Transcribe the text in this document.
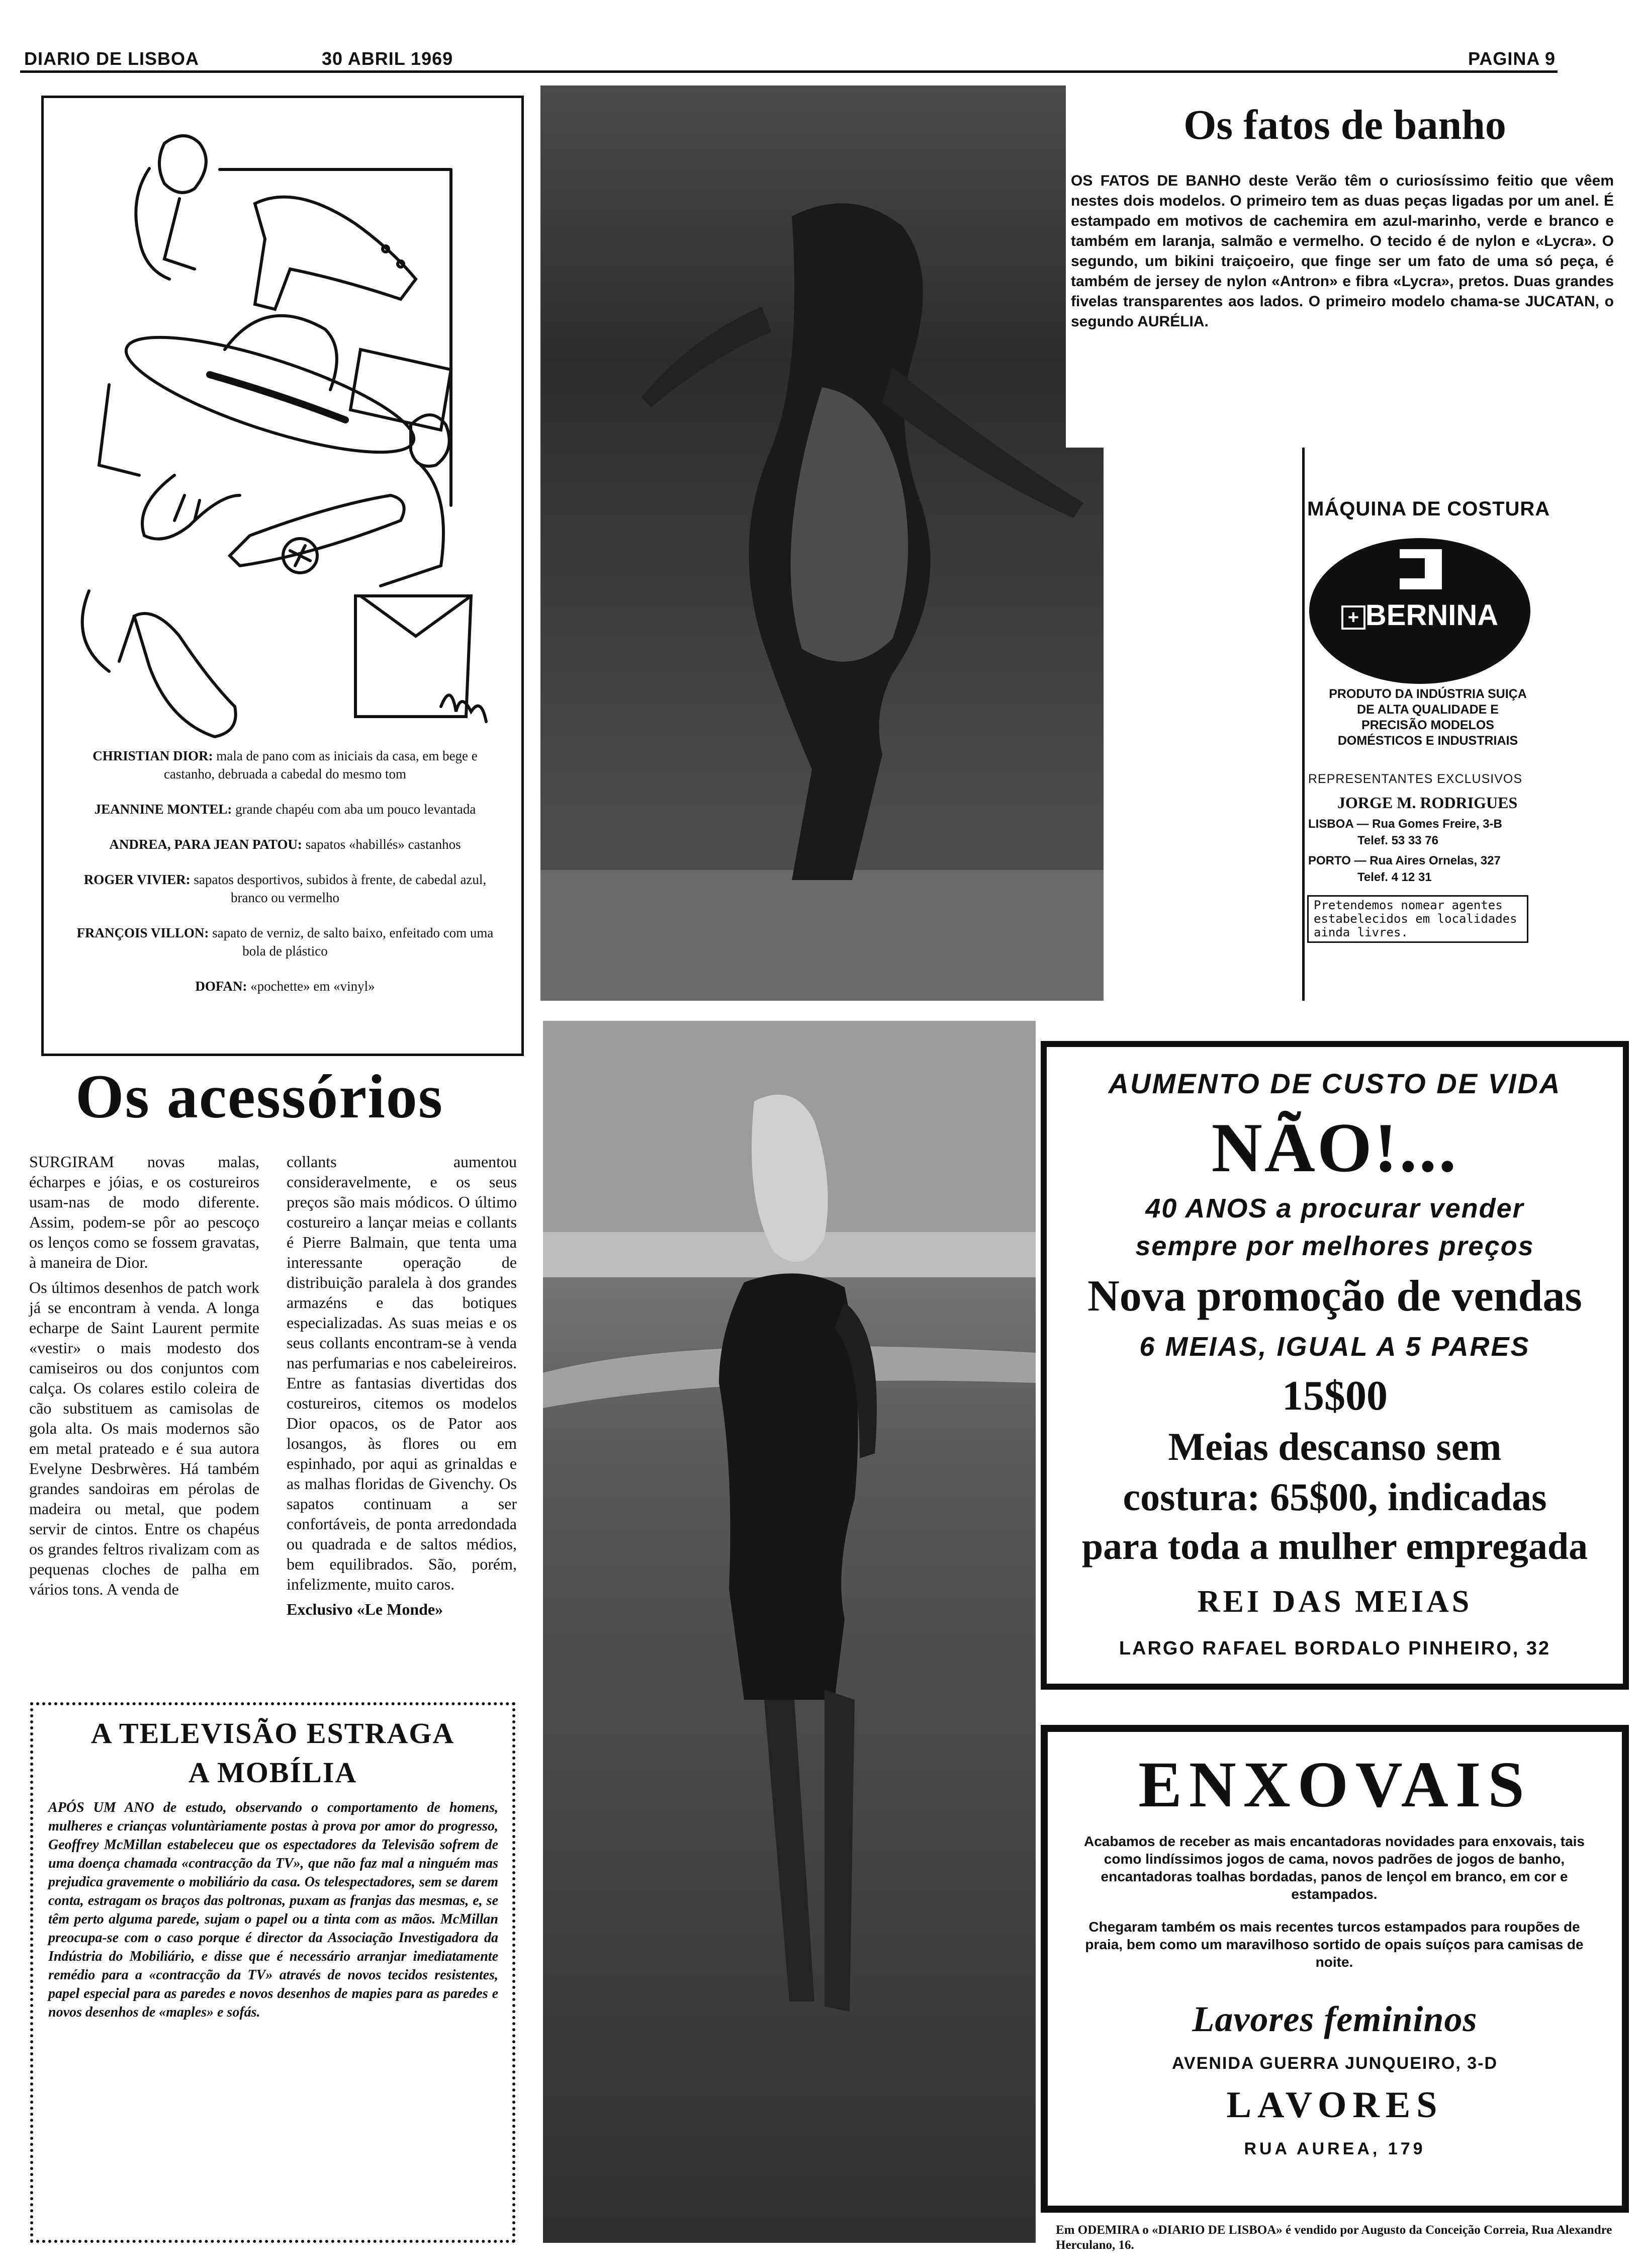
DIARIO DE LISBOA	30 ABRIL 1969	PAGINA 9

CHRISTIAN DIOR: mala de pano com as iniciais da casa, em bege e castanho, debruada a cabedal do mesmo tom

JEANNINE MONTEL: grande chapéu com aba um pouco levantada

ANDREA, PARA JEAN PATOU: sapatos «habillés» castanhos

ROGER VIVIER: sapatos desportivos, subidos à frente, de cabedal azul, branco ou vermelho

FRANÇOIS VILLON: sapato de verniz, de salto baixo, enfeitado com uma bola de plástico

DOFAN: «pochette» em «vinyl»

Os acessórios

SURGIRAM novas malas, écharpes e jóias, e os costureiros usam-nas de modo diferente. Assim, podem-se pôr ao pescoço os lenços como se fossem gravatas, à maneira de Dior.

Os últimos desenhos de patch work já se encontram à venda. A longa echarpe de Saint Laurent permite «vestir» o mais modesto dos camiseiros ou dos conjuntos com calça. Os colares estilo coleira de cão substituem as camisolas de gola alta. Os mais modernos são em metal prateado e é sua autora Evelyne Desbrwères. Há também grandes sandoiras em pérolas de madeira ou metal, que podem servir de cintos. Entre os chapéus os grandes feltros rivalizam com as pequenas cloches de palha em vários tons. A venda de

collants aumentou consideravelmente, e os seus preços são mais módicos. O último costureiro a lançar meias e collants é Pierre Balmain, que tenta uma interessante operação de distribuição paralela à dos grandes armazéns e das botiques especializadas. As suas meias e os seus collants encontram-se à venda nas perfumarias e nos cabeleireiros. Entre as fantasias divertidas dos costureiros, citemos os modelos Dior opacos, os de Pator aos losangos, às flores ou em espinhado, por aqui as grinaldas e as malhas floridas de Givenchy. Os sapatos continuam a ser confortáveis, de ponta arredondada ou quadrada e de saltos médios, bem equilibrados. São, porém, infelizmente, muito caros.

Exclusivo «Le Monde»

A TELEVISÃO ESTRAGA
A MOBÍLIA
APÓS UM ANO de estudo, observando o comportamento de homens, mulheres e crianças voluntàriamente postas à prova por amor do progresso, Geoffrey McMillan estabeleceu que os espectadores da Televisão sofrem de uma doença chamada «contracção da TV», que não faz mal a ninguém mas prejudica gravemente o mobiliário da casa. Os telespectadores, sem se darem conta, estragam os braços das poltronas, puxam as franjas das mesmas, e, se têm perto alguma parede, sujam o papel ou a tinta com as mãos. McMillan preocupa-se com o caso porque é director da Associação Investigadora da Indústria do Mobiliário, e disse que é necessário arranjar imediatamente remédio para a «contracção da TV» através de novos tecidos resistentes, papel especial para as paredes e novos desenhos de mapies para as paredes e novos desenhos de «maples» e sofás.
Os fatos de banho
OS FATOS DE BANHO deste Verão têm o curiosíssimo feitio que vêem nestes dois modelos. O primeiro tem as duas peças ligadas por um anel. É estampado em motivos de cachemira em azul-marinho, verde e branco e também em laranja, salmão e vermelho. O tecido é de nylon e «Lycra». O segundo, um bikini traiçoeiro, que finge ser um fato de uma só peça, é também de jersey de nylon «Antron» e fibra «Lycra», pretos. Duas grandes fivelas transparentes aos lados. O primeiro modelo chama-se JUCATAN, o segundo AURÉLIA.
MÁQUINA DE COSTURA
+ BERNINA
PRODUTO DA INDÚSTRIA SUIÇA DE ALTA QUALIDADE E PRECISÃO MODELOS DOMÉSTICOS E INDUSTRIAIS
REPRESENTANTES EXCLUSIVOS
JORGE M. RODRIGUES
LISBOA — Rua Gomes Freire, 3-B
Telef. 53 33 76
PORTO — Rua Aires Ornelas, 327
Telef. 4 12 31
Pretendemos nomear agentes estabelecidos em localidades ainda livres.
AUMENTO DE CUSTO DE VIDA
NÃO!...
40 ANOS a procurar vender
sempre por melhores preços
Nova promoção de vendas
6 MEIAS, IGUAL A 5 PARES
15$00
Meias descanso sem
costura: 65$00, indicadas
para toda a mulher empregada
REI DAS MEIAS
LARGO RAFAEL BORDALO PINHEIRO, 32
ENXOVAIS
Acabamos de receber as mais encantadoras novidades para enxovais, tais como lindíssimos jogos de cama, novos padrões de jogos de banho, encantadoras toalhas bordadas, panos de lençol em branco, em cor e estampados.
Chegaram também os mais recentes turcos estampados para roupões de praia, bem como um maravilhoso sortido de opais suíços para camisas de noite.
Lavores femininos
AVENIDA GUERRA JUNQUEIRO, 3-D
LAVORES
RUA AUREA, 179
Em ODEMIRA o «DIARIO DE LISBOA» é vendido por Augusto da Conceição Correia, Rua Alexandre Herculano, 16.
